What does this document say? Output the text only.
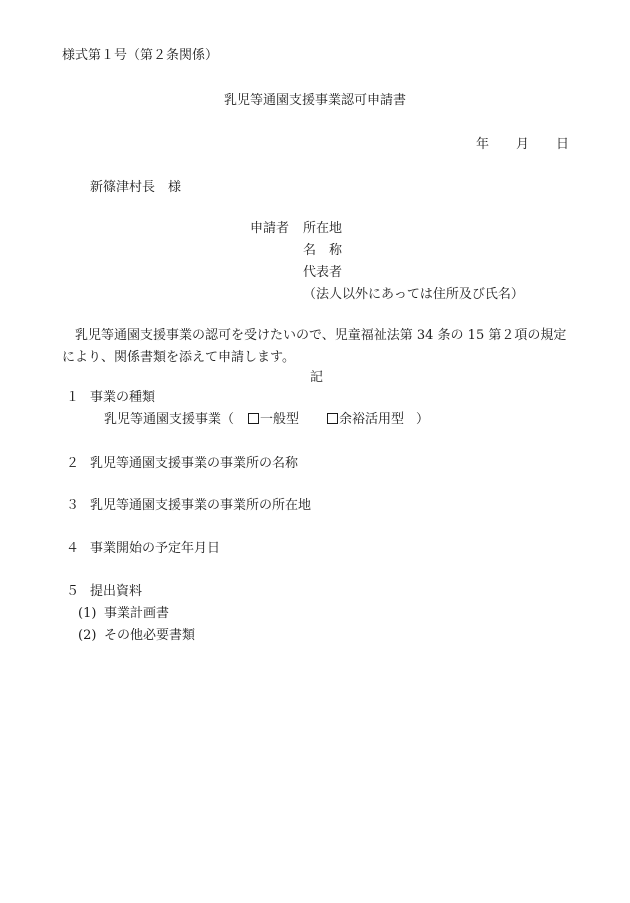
様式第１号（第２条関係）
乳児等通園支援事業認可申請書
年 月 日
新篠津村長　様
申請者 所在地
名　称
代表者
（法人以外にあっては住所及び氏名）
乳児等通園支援事業の認可を受けたいので、児童福祉法第 34 条の 15 第２項の規定により、関係書類を添えて申請します。
記
１ 事業の種類
乳児等通園支援事業（ 一般型	余裕活用型 ）
２ 乳児等通園支援事業の事業所の名称
３ 乳児等通園支援事業の事業所の所在地
４ 事業開始の予定年月日
５ 提出資料
(1) 事業計画書
(2) その他必要書類
